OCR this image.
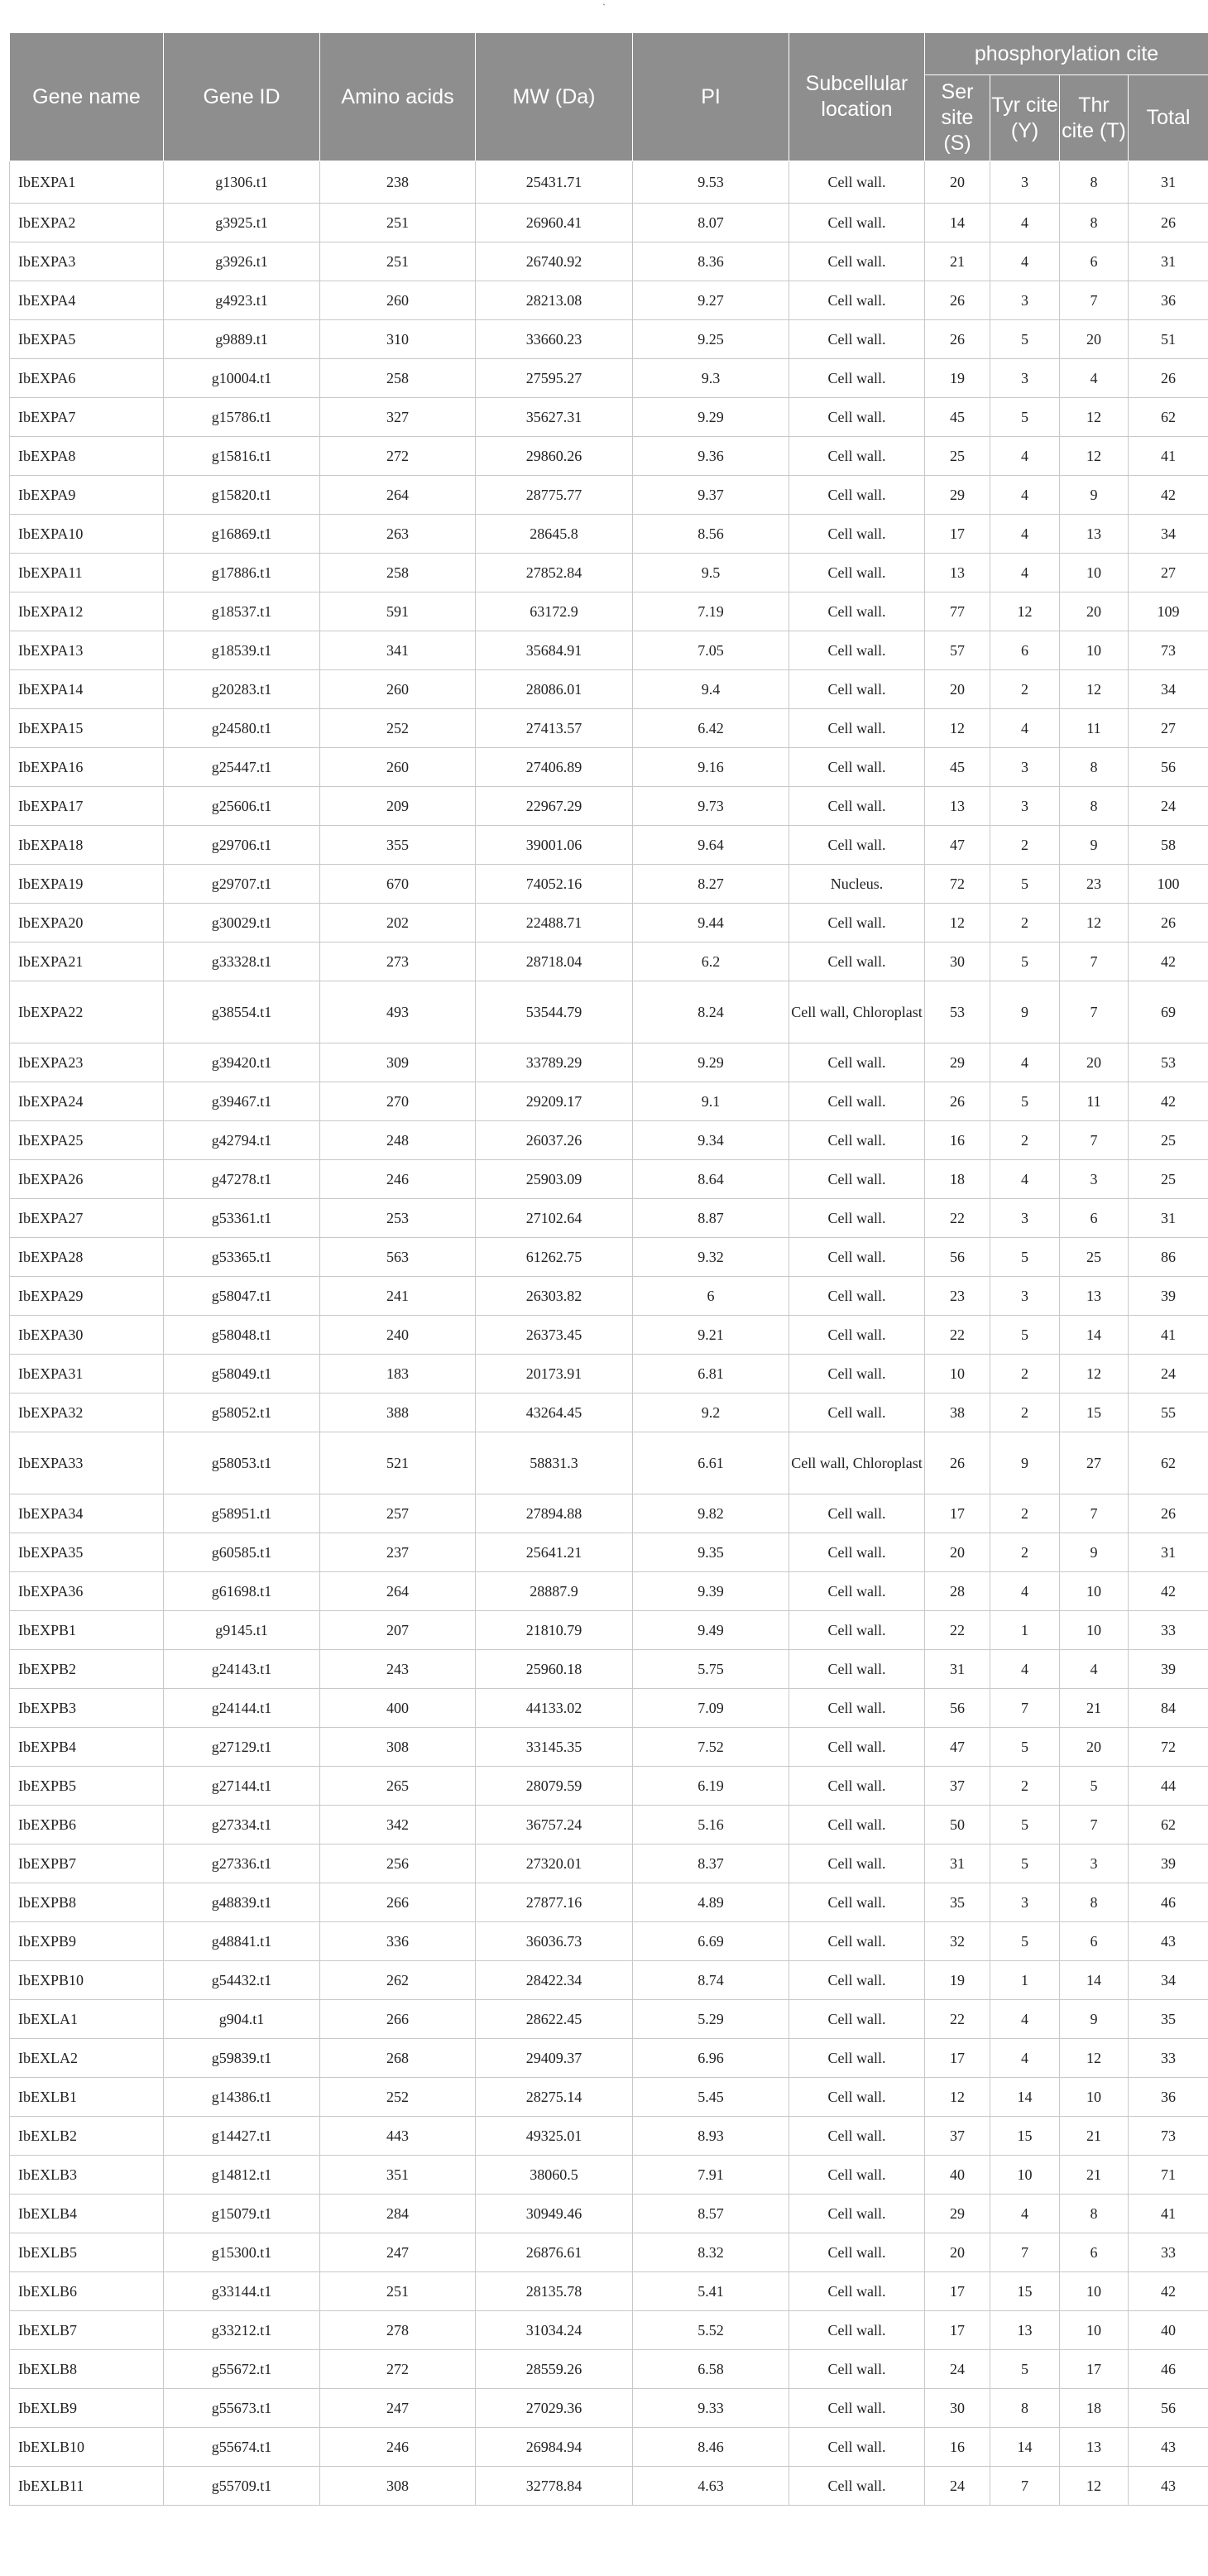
`
Gene name	Gene ID	Amino acids	MW (Da)	PI	Subcellular location	phosphorylation cite			
						Ser site (S)	Tyr cite (Y)	Thr cite (T)	Total
IbEXPA1	g1306.t1	238	25431.71	9.53	Cell wall.	20	3	8	31
IbEXPA2	g3925.t1	251	26960.41	8.07	Cell wall.	14	4	8	26
IbEXPA3	g3926.t1	251	26740.92	8.36	Cell wall.	21	4	6	31
IbEXPA4	g4923.t1	260	28213.08	9.27	Cell wall.	26	3	7	36
IbEXPA5	g9889.t1	310	33660.23	9.25	Cell wall.	26	5	20	51
IbEXPA6	g10004.t1	258	27595.27	9.3	Cell wall.	19	3	4	26
IbEXPA7	g15786.t1	327	35627.31	9.29	Cell wall.	45	5	12	62
IbEXPA8	g15816.t1	272	29860.26	9.36	Cell wall.	25	4	12	41
IbEXPA9	g15820.t1	264	28775.77	9.37	Cell wall.	29	4	9	42
IbEXPA10	g16869.t1	263	28645.8	8.56	Cell wall.	17	4	13	34
IbEXPA11	g17886.t1	258	27852.84	9.5	Cell wall.	13	4	10	27
IbEXPA12	g18537.t1	591	63172.9	7.19	Cell wall.	77	12	20	109
IbEXPA13	g18539.t1	341	35684.91	7.05	Cell wall.	57	6	10	73
IbEXPA14	g20283.t1	260	28086.01	9.4	Cell wall.	20	2	12	34
IbEXPA15	g24580.t1	252	27413.57	6.42	Cell wall.	12	4	11	27
IbEXPA16	g25447.t1	260	27406.89	9.16	Cell wall.	45	3	8	56
IbEXPA17	g25606.t1	209	22967.29	9.73	Cell wall.	13	3	8	24
IbEXPA18	g29706.t1	355	39001.06	9.64	Cell wall.	47	2	9	58
IbEXPA19	g29707.t1	670	74052.16	8.27	Nucleus.	72	5	23	100
IbEXPA20	g30029.t1	202	22488.71	9.44	Cell wall.	12	2	12	26
IbEXPA21	g33328.t1	273	28718.04	6.2	Cell wall.	30	5	7	42
IbEXPA22	g38554.t1	493	53544.79	8.24	Cell wall, Chloroplast	53	9	7	69
IbEXPA23	g39420.t1	309	33789.29	9.29	Cell wall.	29	4	20	53
IbEXPA24	g39467.t1	270	29209.17	9.1	Cell wall.	26	5	11	42
IbEXPA25	g42794.t1	248	26037.26	9.34	Cell wall.	16	2	7	25
IbEXPA26	g47278.t1	246	25903.09	8.64	Cell wall.	18	4	3	25
IbEXPA27	g53361.t1	253	27102.64	8.87	Cell wall.	22	3	6	31
IbEXPA28	g53365.t1	563	61262.75	9.32	Cell wall.	56	5	25	86
IbEXPA29	g58047.t1	241	26303.82	6	Cell wall.	23	3	13	39
IbEXPA30	g58048.t1	240	26373.45	9.21	Cell wall.	22	5	14	41
IbEXPA31	g58049.t1	183	20173.91	6.81	Cell wall.	10	2	12	24
IbEXPA32	g58052.t1	388	43264.45	9.2	Cell wall.	38	2	15	55
IbEXPA33	g58053.t1	521	58831.3	6.61	Cell wall, Chloroplast	26	9	27	62
IbEXPA34	g58951.t1	257	27894.88	9.82	Cell wall.	17	2	7	26
IbEXPA35	g60585.t1	237	25641.21	9.35	Cell wall.	20	2	9	31
IbEXPA36	g61698.t1	264	28887.9	9.39	Cell wall.	28	4	10	42
IbEXPB1	g9145.t1	207	21810.79	9.49	Cell wall.	22	1	10	33
IbEXPB2	g24143.t1	243	25960.18	5.75	Cell wall.	31	4	4	39
IbEXPB3	g24144.t1	400	44133.02	7.09	Cell wall.	56	7	21	84
IbEXPB4	g27129.t1	308	33145.35	7.52	Cell wall.	47	5	20	72
IbEXPB5	g27144.t1	265	28079.59	6.19	Cell wall.	37	2	5	44
IbEXPB6	g27334.t1	342	36757.24	5.16	Cell wall.	50	5	7	62
IbEXPB7	g27336.t1	256	27320.01	8.37	Cell wall.	31	5	3	39
IbEXPB8	g48839.t1	266	27877.16	4.89	Cell wall.	35	3	8	46
IbEXPB9	g48841.t1	336	36036.73	6.69	Cell wall.	32	5	6	43
IbEXPB10	g54432.t1	262	28422.34	8.74	Cell wall.	19	1	14	34
IbEXLA1	g904.t1	266	28622.45	5.29	Cell wall.	22	4	9	35
IbEXLA2	g59839.t1	268	29409.37	6.96	Cell wall.	17	4	12	33
IbEXLB1	g14386.t1	252	28275.14	5.45	Cell wall.	12	14	10	36
IbEXLB2	g14427.t1	443	49325.01	8.93	Cell wall.	37	15	21	73
IbEXLB3	g14812.t1	351	38060.5	7.91	Cell wall.	40	10	21	71
IbEXLB4	g15079.t1	284	30949.46	8.57	Cell wall.	29	4	8	41
IbEXLB5	g15300.t1	247	26876.61	8.32	Cell wall.	20	7	6	33
IbEXLB6	g33144.t1	251	28135.78	5.41	Cell wall.	17	15	10	42
IbEXLB7	g33212.t1	278	31034.24	5.52	Cell wall.	17	13	10	40
IbEXLB8	g55672.t1	272	28559.26	6.58	Cell wall.	24	5	17	46
IbEXLB9	g55673.t1	247	27029.36	9.33	Cell wall.	30	8	18	56
IbEXLB10	g55674.t1	246	26984.94	8.46	Cell wall.	16	14	13	43
IbEXLB11	g55709.t1	308	32778.84	4.63	Cell wall.	24	7	12	43
